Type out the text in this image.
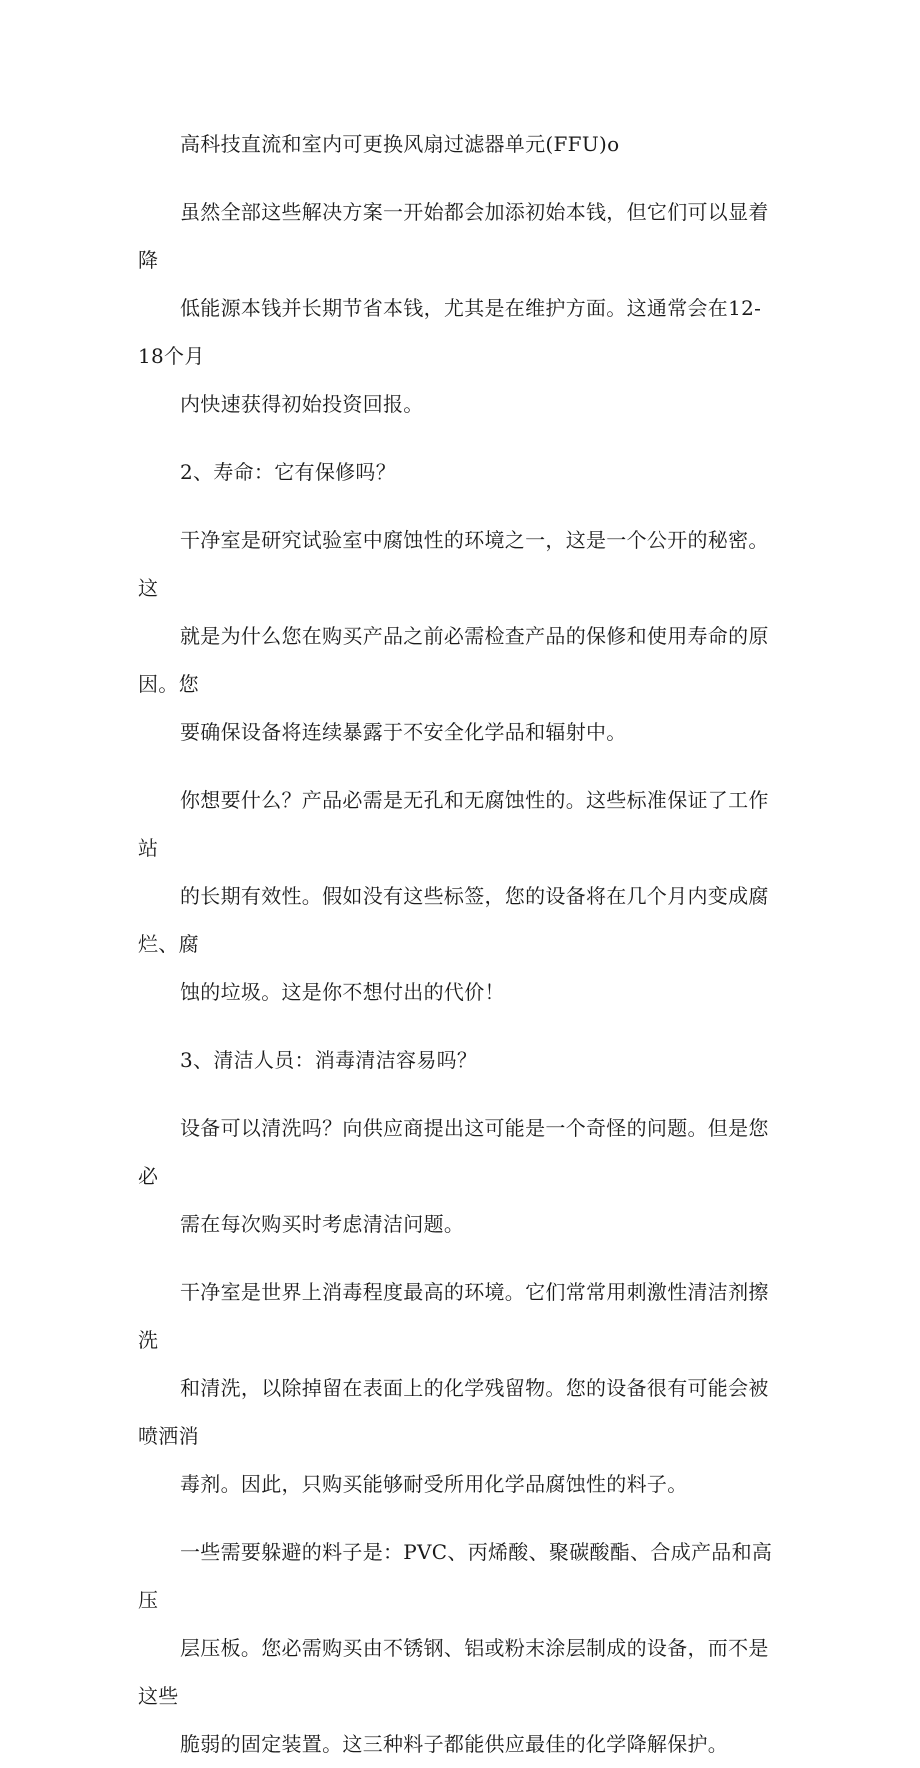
高科技直流和室内可更换风扇过滤器单元(FFU)o

虽然全部这些解决方案一开始都会加添初始本钱，但它们可以显着降
低能源本钱并长期节省本钱，尤其是在维护方面。这通常会在12-18个月
内快速获得初始投资回报。

2、寿命：它有保修吗？

干净室是研究试验室中腐蚀性的环境之一，这是一个公开的秘密。这
就是为什么您在购买产品之前必需检查产品的保修和使用寿命的原因。您
要确保设备将连续暴露于不安全化学品和辐射中。

你想要什么？产品必需是无孔和无腐蚀性的。这些标准保证了工作站
的长期有效性。假如没有这些标签，您的设备将在几个月内变成腐烂、腐
蚀的垃圾。这是你不想付出的代价！

3、清洁人员：消毒清洁容易吗？

设备可以清洗吗？向供应商提出这可能是一个奇怪的问题。但是您必
需在每次购买时考虑清洁问题。

干净室是世界上消毒程度最高的环境。它们常常用刺激性清洁剂擦洗
和清洗，以除掉留在表面上的化学残留物。您的设备很有可能会被喷洒消
毒剂。因此，只购买能够耐受所用化学品腐蚀性的料子。

一些需要躲避的料子是：PVC、丙烯酸、聚碳酸酯、合成产品和高压
层压板。您必需购买由不锈钢、铝或粉末涂层制成的设备，而不是这些
脆弱的固定装置。这三种料子都能供应最佳的化学降解保护。
